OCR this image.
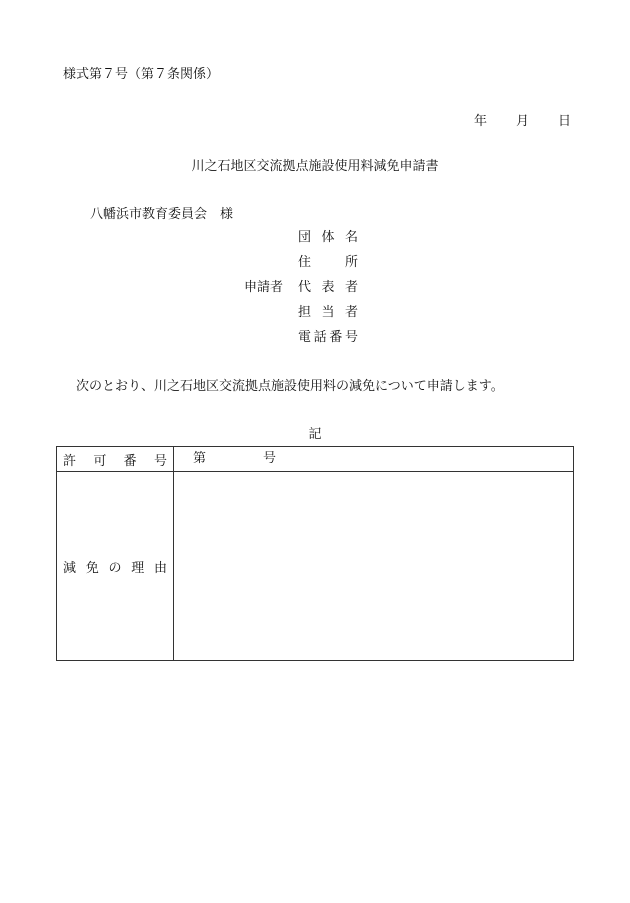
様式第７号（第７条関係）
年 月 日
川之石地区交流拠点施設使用料減免申請書
八幡浜市教育委員会　様
団体名
住所
申請者 代表者
担当者
電話番号
次のとおり、川之石地区交流拠点施設使用料の減免について申請します。
記
許可番号	第 号

減免の理由	
